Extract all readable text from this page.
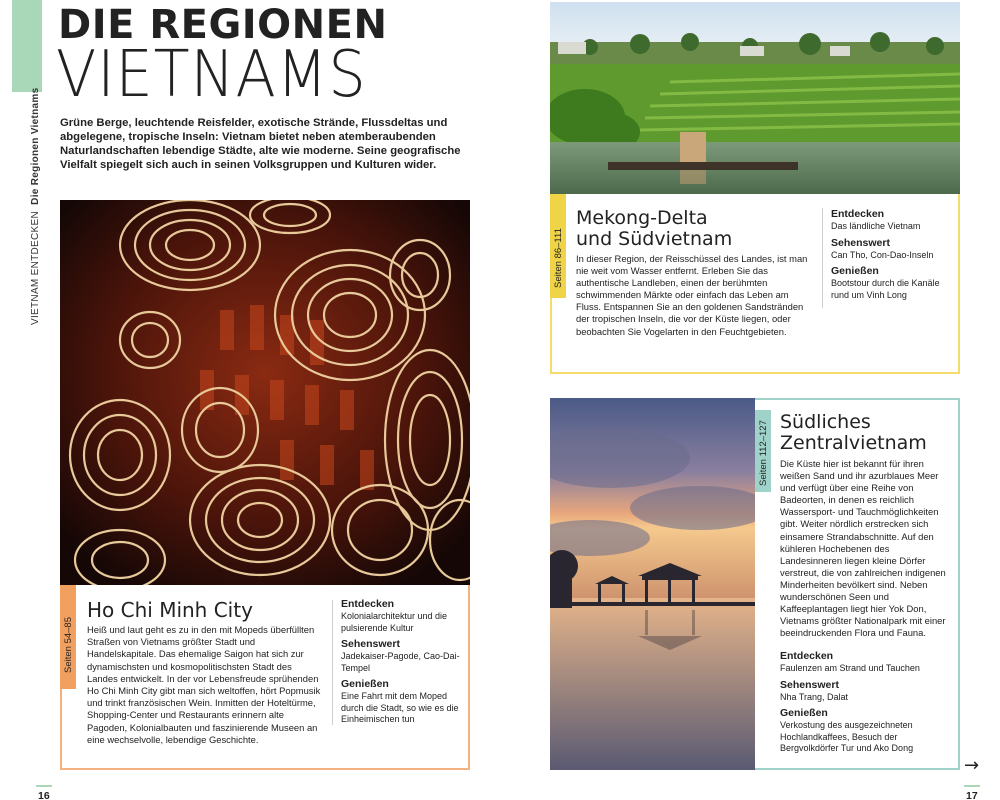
VIETNAM ENTDECKEN  Die Regionen Vietnams
DIE REGIONEN
VIETNAMS

Grüne Berge, leuchtende Reisfelder, exotische Strände, Flussdeltas und abgelegene, tropische Inseln: Vietnam bietet neben atemberaubenden Naturlandschaften lebendige Städte, alte wie moderne. Seine geografische Vielfalt spiegelt sich auch in seinen Volksgruppen und Kulturen wider.

Seiten 54–85
Ho Chi Minh City

Heiß und laut geht es zu in den mit Mopeds überfüllten Straßen von Vietnams größter Stadt und Handelskapitale. Das ehemalige Saigon hat sich zur dynamischsten und kosmopolitischsten Stadt des Landes entwickelt. In der vor Lebensfreude sprühenden Ho Chi Minh City gibt man sich weltoffen, hört Popmusik und trinkt französischen Wein. Inmitten der Hoteltürme, Shopping-Center und Restaurants erinnern alte Pagoden, Kolonialbauten und faszinierende Museen an eine wechselvolle, lebendige Geschichte.

Entdecken
Kolonialarchitektur und die pulsierende Kultur
Sehenswert
Jadekaiser-Pagode, Cao-Dai-Tempel
Genießen
Eine Fahrt mit dem Moped durch die Stadt, so wie es die Einheimischen tun
16
Seiten 86–111
Mekong-Delta
und Südvietnam

In dieser Region, der Reisschüssel des Landes, ist man nie weit vom Wasser entfernt. Erleben Sie das authentische Landleben, einen der berühmten schwimmenden Märkte oder einfach das Leben am Fluss. Entspannen Sie an den goldenen Sandstränden der tropischen Inseln, die vor der Küste liegen, oder beobachten Sie Vogelarten in den Feuchtgebieten.

Entdecken
Das ländliche Vietnam
Sehenswert
Can Tho, Con-Dao-Inseln
Genießen
Bootstour durch die Kanäle rund um Vinh Long
Seiten 112–127 Südliches
Zentralvietnam

Die Küste hier ist bekannt für ihren weißen Sand und ihr azurblaues Meer und verfügt über eine Reihe von Badeorten, in denen es reichlich Wassersport- und Tauchmöglichkeiten gibt. Weiter nördlich erstrecken sich einsamere Strandabschnitte. Auf den kühleren Hochebenen des Landesinneren liegen kleine Dörfer verstreut, die von zahlreichen indigenen Minderheiten bevölkert sind. Neben wunderschönen Seen und Kaffeeplantagen liegt hier Yok Don, Vietnams größter Nationalpark mit einer beeindruckenden Flora und Fauna.

Entdecken
Faulenzen am Strand und Tauchen
Sehenswert
Nha Trang, Dalat
Genießen
Verkostung des ausgezeichneten Hochlandkaffees, Besuch der Bergvolkdörfer Tur und Ako Dong
→
17
